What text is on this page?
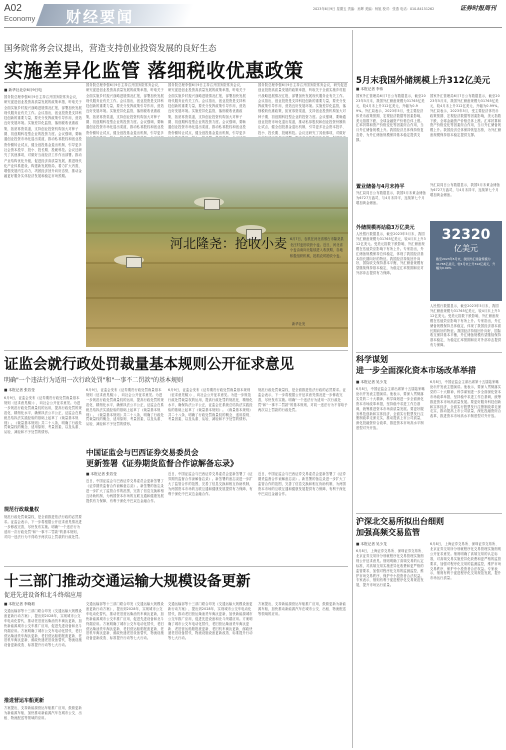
A02
Economy 财经要闻	2023年6月9日 星期五 责编：孙辉 美编：杨旭 校对：张燕 电话：010-84151262	证券时报周刊
国务院常务会议提出，营造支持创业投资发展的良好生态
实施差异化监管 落细税收优惠政策
■ 新华社北京6月9日电
国务院总理李强6月9日主持召开国务院常务会议，研究促进创业投资高质量发展的政策举措，听取关于全面实施乡村振兴战略进展情况汇报，部署加快发展现代服务业有关工作。会议指出，创业投资是支持科技创新的重要力量，要充分发挥政策引导作用，营造良好发展环境。实施差异化监管，落细税收优惠政策，拓宽募资渠道，支持创业投资机构加大对种子期、初创期科技型企业的投资力度。会议强调，要畅通创业投资市场化退出渠道，推动私募股权和创业投资份额转让试点，健全创投基金退出机制，引导更多社会资本投早、投小、投长期、投硬科技。会议还研究了其他事项，对做好当前经济工作作出部署。推动产业结构优化升级，促进经济高质量发展，推进现代化产业体系建设，构建新发展格局，着力扩大内需，增强发展内生动力，巩固经济回升向好态势，推动金融更好服务实体经济发展和稳定市场预期。
国务院总理李强6月9日主持召开国务院常务会议，研究促进创业投资高质量发展的政策举措，听取关于全面实施乡村振兴战略进展情况汇报，部署加快发展现代服务业有关工作。会议指出，创业投资是支持科技创新的重要力量，要充分发挥政策引导作用，营造良好发展环境。实施差异化监管，落细税收优惠政策，拓宽募资渠道，支持创业投资机构加大对种子期、初创期科技型企业的投资力度。会议强调，要畅通创业投资市场化退出渠道，推动私募股权和创业投资份额转让试点，健全创投基金退出机制，引导更多
国务院总理李强6月9日主持召开国务院常务会议，研究促进创业投资高质量发展的政策举措，听取关于全面实施乡村振兴战略进展情况汇报，部署加快发展现代服务业有关工作。会议指出，创业投资是支持科技创新的重要力量，要充分发挥政策引导作用，营造良好发展环境。实施差异化监管，落细税收优惠政策，拓宽募资渠道，支持创业投资机构加大对种子期、初创期科技型企业的投资力度。会议强调，要畅通创业投资市场化退出渠道，推动私募股权和创业投资份额转让试点，健全创投基金退出机制，引导更多
国务院总理李强6月9日主持召开国务院常务会议，研究促进创业投资高质量发展的政策举措，听取关于全面实施乡村振兴战略进展情况汇报，部署加快发展现代服务业有关工作。会议指出，创业投资是支持科技创新的重要力量，要充分发挥政策引导作用，营造良好发展环境。实施差异化监管，落细税收优惠政策，拓宽募资渠道，支持创业投资机构加大对种子期、初创期科技型企业的投资力度。会议强调，要畅通创业投资市场化退出渠道，推动私募股权和创业投资份额转让试点，健全创投基金退出机制，引导更多社会资本投早、投小、投长期、投硬科技。会议还研究了其他事项，对做好
河北隆尧：抢收小麦 6月7日，农机在河北省邢台市隆尧县北汪村麦田收获小麦。近日，河北省小麦由南向北陆续进入收获期，各地积极组织机械，抢抓农时抢收小麦。
新华社发
证监会就行政处罚裁量基本规则公开征求意见
明确"一个违法行为适用一次行政处罚"和"一事不二罚款"的基本规则
■ 本报记者 张若莹
6月9日，证监会发布《证券期货行政处罚裁量基本规则（征求意见稿）》，向社会公开征求意见。为进一步规范行政处罚裁量权的运用，提高行政处罚的规范化、精细化水平，确保执法公平公正，证监会在系统总结执法实践经验的基础上起草了《裁量基本规则》。《裁量基本规则》共二十八条，明确了行政处罚裁量权的概念、适用原则、考量因素，以及从重、从轻、减轻和不予处罚的情形。
规范行政裁量权
规范行政处罚裁量权，是全面推进依法行政的必然要求。证监会表示，下一步将根据公开征求意见情况进一步修改完善，尽快发布实施。明确"一个违法行为适用一次行政处罚"和"一事不二罚款"的基本规则，对同一违法行为不得给予两次以上罚款的行政处罚。
6月9日，证监会发布《证券期货行政处罚裁量基本规则（征求意见稿）》，向社会公开征求意见。为进一步规范行政处罚裁量权的运用，提高行政处罚的规范化、精细化水平，确保执法公平公正，证监会在系统总结执法实践经验的基础上起草了《裁量基本规则》。《裁量基本规则》共二十八条，明确了行政处罚裁量权的概念、适用原则、考量因素，以及从重、从轻、减轻和不予处罚的情形。
6月9日，证监会发布《证券期货行政处罚裁量基本规则（征求意见稿）》，向社会公开征求意见。为进一步规范行政处罚裁量权的运用，提高行政处罚的规范化、精细化水平，确保执法公平公正，证监会在系统总结执法实践经验的基础上起草了《裁量基本规则》。《裁量基本规则》共二十八条，明确了行政处罚裁量权的概念、适用原则、考量因素，以及从重、从轻、减轻和不予处罚的情形。
规范行政处罚裁量权，是全面推进依法行政的必然要求。证监会表示，下一步将根据公开征求意见情况进一步修改完善，尽快发布实施。明确"一个违法行为适用一次行政处罚"和"一事不二罚款"的基本规则，对同一违法行为不得给予两次以上罚款的行政处罚。
中国证监会与巴西证券交易委员会
更新签署《证券期货监督合作谅解备忘录》
■ 本报记者 张若莹
近日，中国证监会与巴西证券交易委员会更新签署了《证券期货监督合作谅解备忘录》。新签署的备忘录进一步扩大了监管合作的范围，完善了信息交换和相互协助机制，为两国资本市场的互联互通和健康发展提供有力保障，有利于深化中巴双边金融合作。
近日，中国证监会与巴西证券交易委员会更新签署了《证券期货监督合作谅解备忘录》。新签署的备忘录进一步扩大了监管合作的范围，完善了信息交换和相互协助机制，为两国资本市场的互联互通和健康发展提供有力保障，有利于深化中巴双边金融合作。
近日，中国证监会与巴西证券交易委员会更新签署了《证券期货监督合作谅解备忘录》。新签署的备忘录进一步扩大了监管合作的范围，完善了信息交换和相互协助机制，为两国资本市场的互联互通和健康发展提供有力保障，有利于深化中巴双边金融合作。
十三部门推动交通运输大规模设备更新
促进先进设备和北斗终端应用
■ 本报记者 李晓莉
交通运输部等十三部门联合印发《交通运输大规模设备更新行动方案》，提出到2028年，实现城市公交车电动化替代，推动老旧营运柴油货车淘汰更新，加快新能源城市公交车推广应用，促进先进设备和北斗终端应用。方案明确了城市公交车电动化替代、老旧营运柴油货车淘汰更新、老旧营运船舶报废更新、老旧机车淘汰更新、邮政快递老旧设备替代、物流设施设备更新改造、标准提升行动等七大行动。
推进营运车船更新
方案提出，支持新能源营运车船推广应用，鼓励更新为新能源车船，加快推动新能源汽车在城市公交、出租、物流配送等领域的应用。
交通运输部等十三部门联合印发《交通运输大规模设备更新行动方案》，提出到2028年，实现城市公交车电动化替代，推动老旧营运柴油货车淘汰更新，加快新能源城市公交车推广应用，促进先进设备和北斗终端应用。方案明确了城市公交车电动化替代、老旧营运柴油货车淘汰更新、老旧营运船舶报废更新、老旧机车淘汰更新、邮政快递老旧设备替代、物流设施设备更新改造、标准提升行动等七大行动。
交通运输部等十三部门联合印发《交通运输大规模设备更新行动方案》，提出到2028年，实现城市公交车电动化替代，推动老旧营运柴油货车淘汰更新，加快新能源城市公交车推广应用，促进先进设备和北斗终端应用。方案明确了城市公交车电动化替代、老旧营运柴油货车淘汰更新、老旧营运船舶报废更新、老旧机车淘汰更新、邮政快递老旧设备替代、物流设施设备更新改造、标准提升行动等七大行动。
方案提出，支持新能源营运车船推广应用，鼓励更新为新能源车船，加快推动新能源汽车在城市公交、出租、物流配送等领域的应用。
5月末我国外储规模上升312亿美元
■ 本报记者 李伟
国家外汇管理局6月7日公布数据显示，截至2023年5月末，我国外汇储备规模为31765亿美元，较4月末上升312亿美元，升幅为0.99%。外汇局表示，2023年5月，受主要经济体货币政策预期、宏观经济数据等因素影响，美元指数下跌，全球金融资产价格总体上涨。汇率折算和资产价格变化等因素综合作用，当月外汇储备规模上升。我国经济总体保持恢复态势，为外汇储备规模保持基本稳定提供支撑。
国家外汇管理局6月7日公布数据显示，截至2023年5月末，我国外汇储备规模为31765亿美元，较4月末上升312亿美元，升幅为0.99%。外汇局表示，2023年5月，受主要经济体货币政策预期、宏观经济数据等因素影响，美元指数下跌，全球金融资产价格总体上涨。汇率折算和资产价格变化等因素综合作用，当月外汇储备规模上升。我国经济总体保持恢复态势，为外汇储备规模保持基本稳定提供支撑。
置业储备与4月末持平
外汇局同日公布数据显示，我国5月末黄金储备为6727万盎司，与4月末持平，连续第七个月增加黄金储备。
外储规模再站稳3万亿美元
人民银行数据显示，截至2023年5月末，我国外汇储备规模为31765亿美元，较4月末上升312亿美元。受美元指数下跌影响，外汇储备规模在估值效应影响下有所上升。专家指出，外汇储备规模保持总体稳定，体现了我国经济基本面长期向好的特征。我国经济持续回升向好，国际收支保持基本平衡，外汇储备规模有望继续保持基本稳定，为稳定汇率预期和应对外部冲击提供有力保障。
外汇局同日公布数据显示，我国5月末黄金储备为6727万盎司，与4月末持平，连续第七个月增加黄金储备。
32320
亿美元
截至2023年5月末，我国外汇储备规模为31765亿美元，较4月末上升312亿美元，升幅为0.99%
人民银行数据显示，截至2023年5月末，我国外汇储备规模为31765亿美元，较4月末上升312亿美元。受美元指数下跌影响，外汇储备规模在估值效应影响下有所上升。专家指出，外汇储备规模保持总体稳定，体现了我国经济基本面长期向好的特征。我国经济持续回升向好，国际收支保持基本平衡，外汇储备规模有望继续保持基本稳定，为稳定汇率预期和应对外部冲击提供有力保障。
科学谋划
进一步全面深化资本市场改革举措
■ 本报记者 吴少龙
6月8日，中国证监会主席出席第十五届陆家嘴论坛并发表主题演讲。他表示，要深入贯彻落实党的二十大精神，科学谋划进一步全面深化资本市场改革举措，坚持稳中求进工作总基调，统筹推进资本市场高质量发展。要更好服务科技创新和实体经济，全面实行股票发行注册制改革走深走实，推动提高上市公司质量，深化投融资综合改革，推进资本市场高水平制度型对外开放。
6月8日，中国证监会主席出席第十五届陆家嘴论坛并发表主题演讲。他表示，要深入贯彻落实党的二十大精神，科学谋划进一步全面深化资本市场改革举措，坚持稳中求进工作总基调，统筹推进资本市场高质量发展。要更好服务科技创新和实体经济，全面实行股票发行注册制改革走深走实，推动提高上市公司质量，深化投融资综合改革，推进资本市场高水平制度型对外开放。
沪深北交易所拟出台细则
加强高频交易监管
■ 本报记者 吴少龙
6月8日，上海证券交易所、深圳证券交易所、北京证券交易所分别就程序化交易管理实施细则公开征求意见。细则明确了高频交易的认定标准，对高频交易实施差异化收费和更严格的监管要求，加强对程序化交易的监测监控，维护市场交易秩序，保护中小投资者合法权益。专家表示，细则有利于促进程序化交易规范发展，提升市场运行质量。
6月8日，上海证券交易所、深圳证券交易所、北京证券交易所分别就程序化交易管理实施细则公开征求意见。细则明确了高频交易的认定标准，对高频交易实施差异化收费和更严格的监管要求，加强对程序化交易的监测监控，维护市场交易秩序，保护中小投资者合法权益。专家表示，细则有利于促进程序化交易规范发展，提升市场运行质量。
